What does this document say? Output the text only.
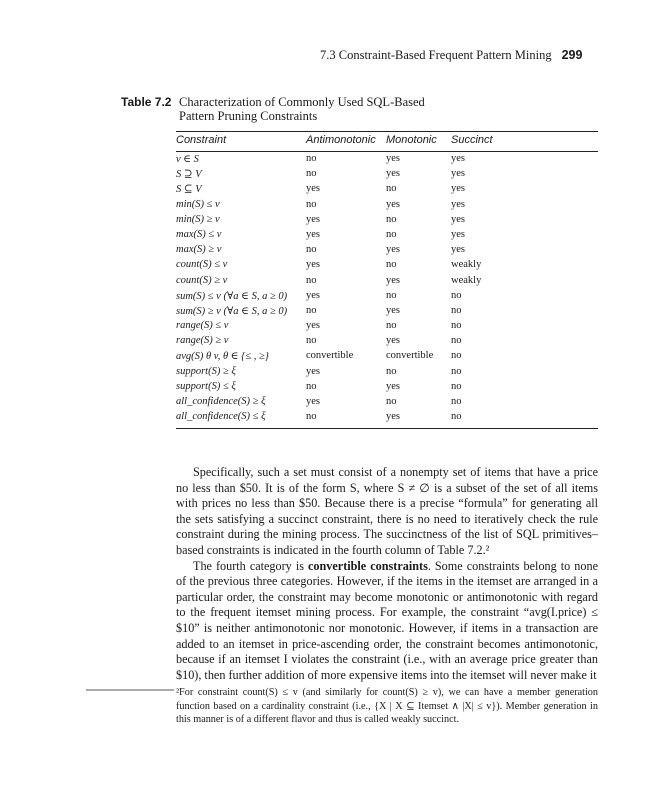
7.3 Constraint-Based Frequent Pattern Mining 299
Table 7.2 Characterization of Commonly Used SQL-Based
Pattern Pruning Constraints
Constraint	Antimonotonic Monotonic Succinct
v ∈ S	no	yes	yes
S ⊇ V	no	yes	yes
S ⊆ V	yes	no	yes
min(S) ≤ v	no	yes	yes
min(S) ≥ v	yes	no	yes
max(S) ≤ v	yes	no	yes
max(S) ≥ v	no	yes	yes
count(S) ≤ v	yes	no	weakly
count(S) ≥ v	no	yes	weakly
sum(S) ≤ v (∀a ∈ S, a ≥ 0) yes	no	no
sum(S) ≥ v (∀a ∈ S, a ≥ 0) no	yes	no
range(S) ≤ v	yes	no	no
range(S) ≥ v	no	yes	no
avg(S) θ v, θ ∈ {≤ , ≥}	convertible	convertible no
support(S) ≥ ξ	yes	no	no
support(S) ≤ ξ	no	yes	no
all_confidence(S) ≥ ξ	yes	no	no
all_confidence(S) ≤ ξ	no	yes	no

Specifically, such a set must consist of a nonempty set of items that have a price no less than $50. It is of the form S, where S ≠ ∅ is a subset of the set of all items with prices no less than $50. Because there is a precise “formula” for generating all the sets satisfying a succinct constraint, there is no need to iteratively check the rule constraint during the mining process. The succinctness of the list of SQL primitives–based constraints is indicated in the fourth column of Table 7.2.²

The fourth category is convertible constraints. Some constraints belong to none of the previous three categories. However, if the items in the itemset are arranged in a particular order, the constraint may become monotonic or antimonotonic with regard to the frequent itemset mining process. For example, the constraint “avg(I.price) ≤ $10” is neither antimonotonic nor monotonic. However, if items in a transaction are added to an itemset in price-ascending order, the constraint becomes antimonotonic, because if an itemset I violates the constraint (i.e., with an average price greater than $10), then further addition of more expensive items into the itemset will never make it

²For constraint count(S) ≤ v (and similarly for count(S) ≥ v), we can have a member generation function based on a cardinality constraint (i.e., {X | X ⊆ Itemset ∧ |X| ≤ v}). Member generation in this manner is of a different flavor and thus is called weakly succinct.
